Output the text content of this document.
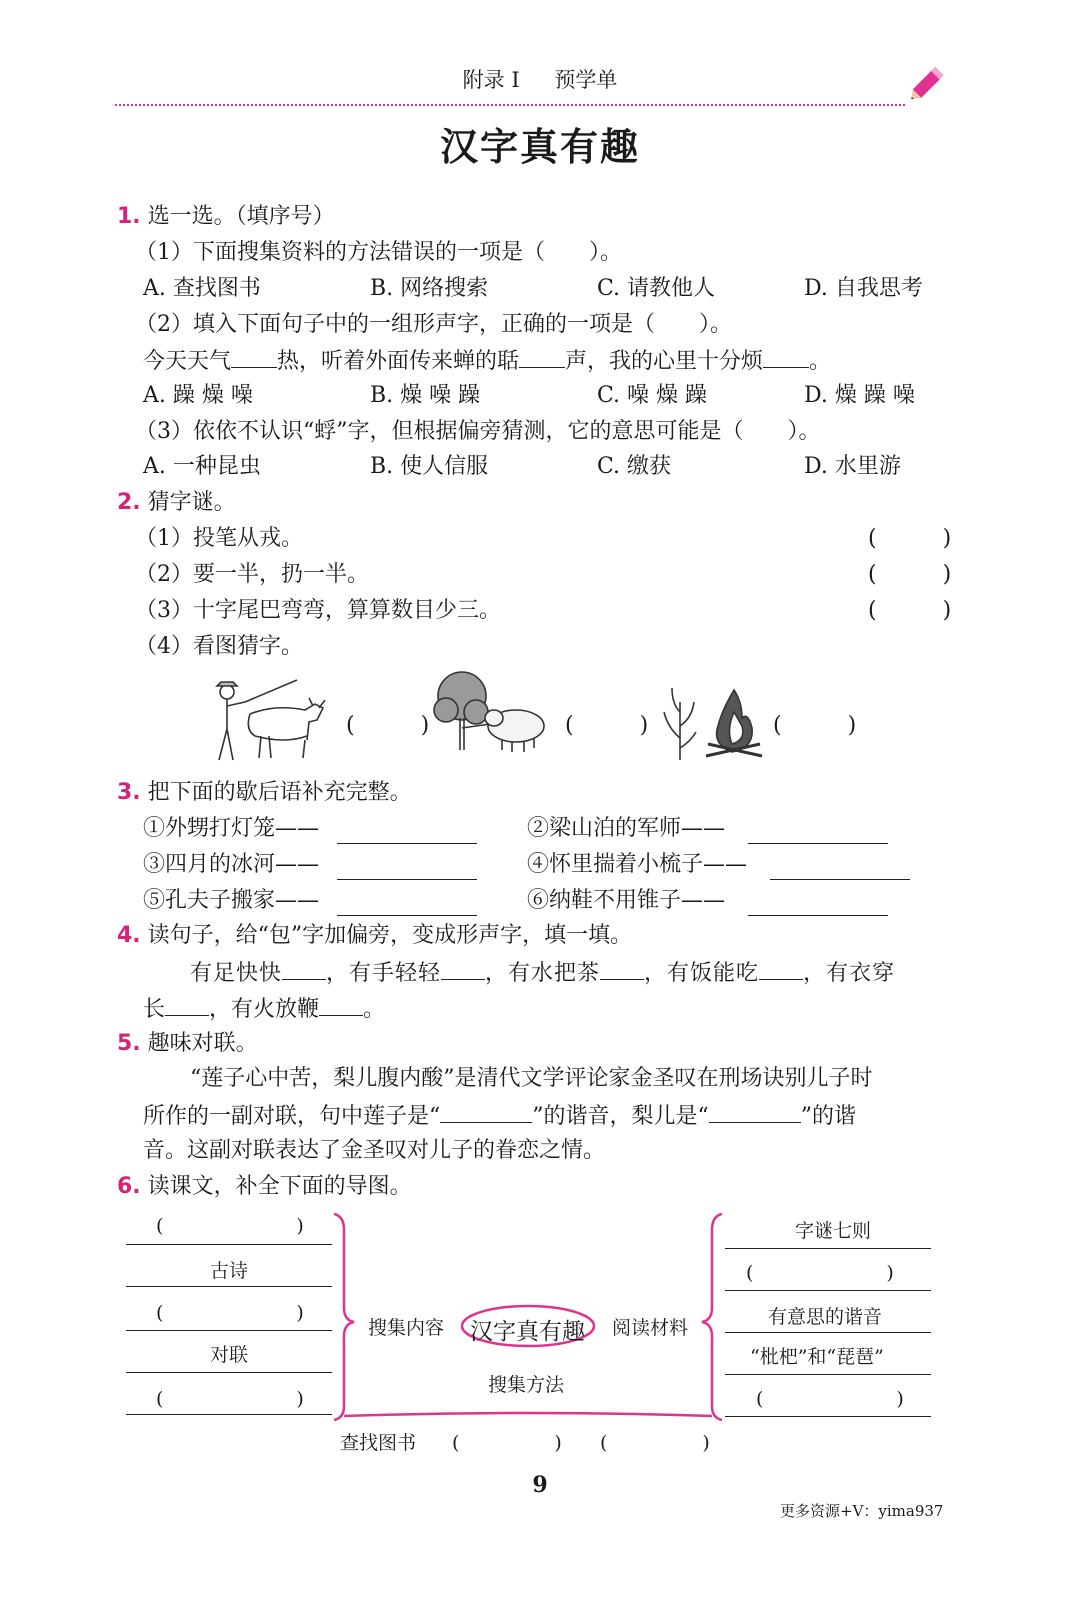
附录 I 预学单
汉字真有趣
1. 选一选。（填序号）
（1）下面搜集资料的方法错误的一项是（　　）。
A. 查找图书	B. 网络搜索	C. 请教他人	D. 自我思考
（2）填入下面句子中的一组形声字，正确的一项是（　　）。
今天天气 热，听着外面传来蝉的聒 声，我的心里十分烦 。
A. 躁 燥 噪	B. 燥 噪 躁	C. 噪 燥 躁	D. 燥 躁 噪
（3）依依不认识“蜉”字，但根据偏旁猜测，它的意思可能是（　　）。
A. 一种昆虫	B. 使人信服	C. 缴获	D. 水里游
2. 猜字谜。
（1）投笔从戎。	(　　　)
（2）要一半，扔一半。	(　　　)
（3）十字尾巴弯弯，算算数目少三。	(　　　)
（4）看图猜字。
(　　　)	(　　　)	(　　　)
3. 把下面的歇后语补充完整。
①外甥打灯笼——	②梁山泊的军师——
③四月的冰河——	④怀里揣着小梳子——
⑤孔夫子搬家——	⑥纳鞋不用锥子——
4. 读句子，给“包”字加偏旁，变成形声字，填一填。
有足快快 ，有手轻轻 ，有水把茶 ，有饭能吃 ，有衣穿
长 ，有火放鞭 。
5. 趣味对联。
“莲子心中苦，梨儿腹内酸”是清代文学评论家金圣叹在刑场诀别儿子时
所作的一副对联，句中莲子是“	”的谐音，梨儿是“	”的谐
音。这副对联表达了金圣叹对儿子的眷恋之情。
6. 读课文，补全下面的导图。
(　　　　　　　)
古诗
(　　　　　　　)
对联
(　　　　　　　)
搜集内容 汉字真有趣 阅读材料
搜集方法
字谜七则
(　　　　　　　)
有意思的谐音
“枇杷”和“琵琶”
(　　　　　　　)
查找图书 (　　　　　) (　　　　　)
9
更多资源+V：yima937
